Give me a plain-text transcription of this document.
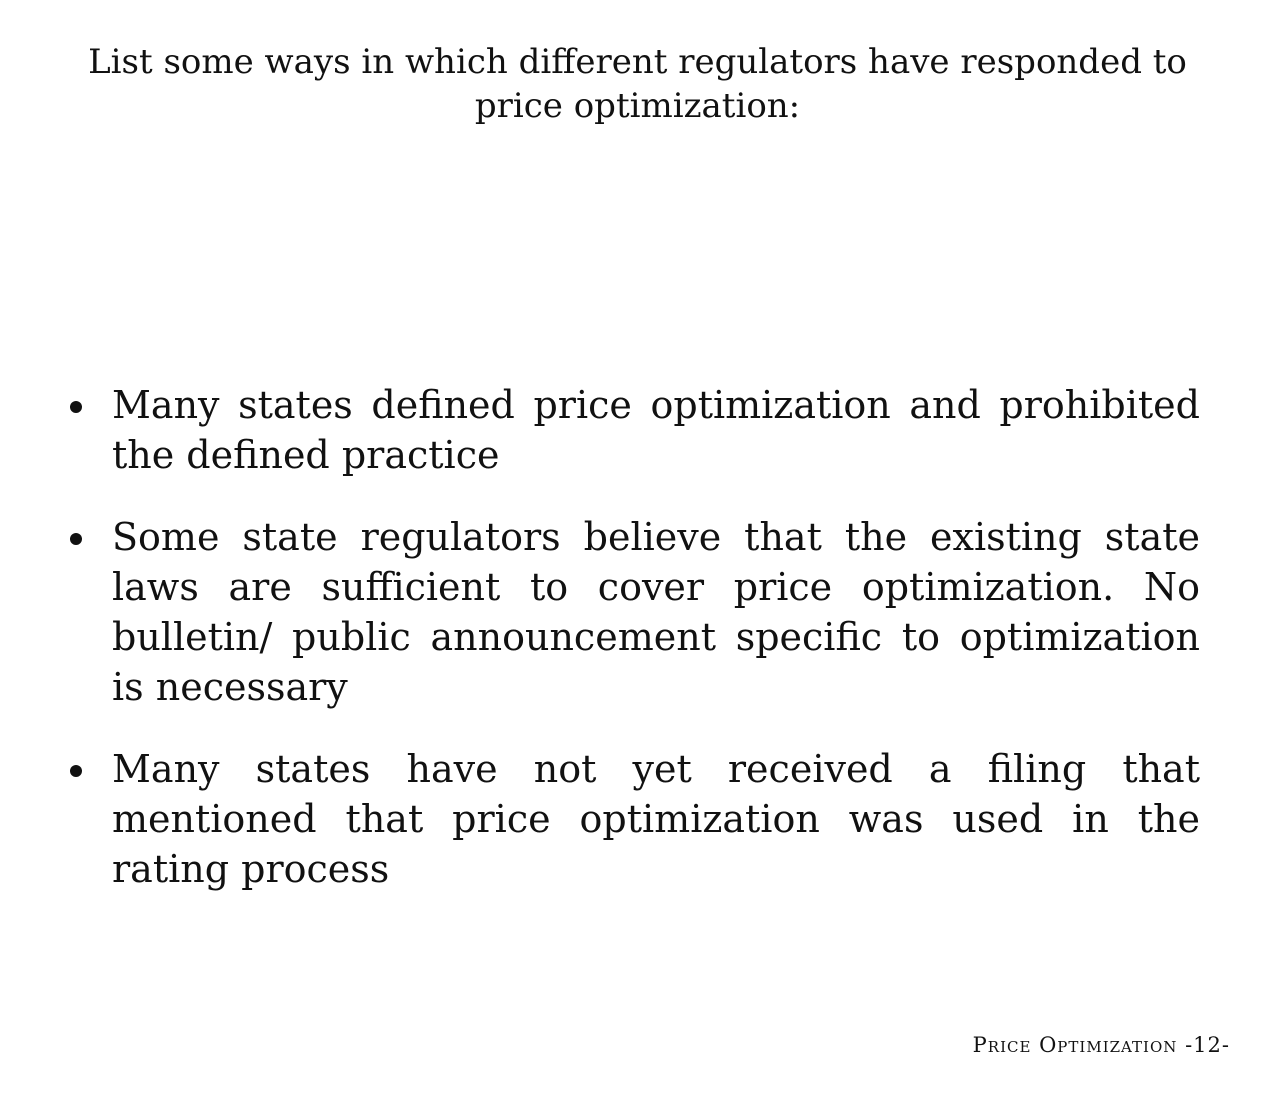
List some ways in which different regulators have responded to price optimization:
Many states defined price optimization and prohibited the defined practice
Some state regulators believe that the existing state laws are sufficient to cover price optimization. No bulletin/ public announcement specific to optimization is necessary
Many states have not yet received a filing that mentioned that price optimization was used in the rating process
Price Optimization -12-
